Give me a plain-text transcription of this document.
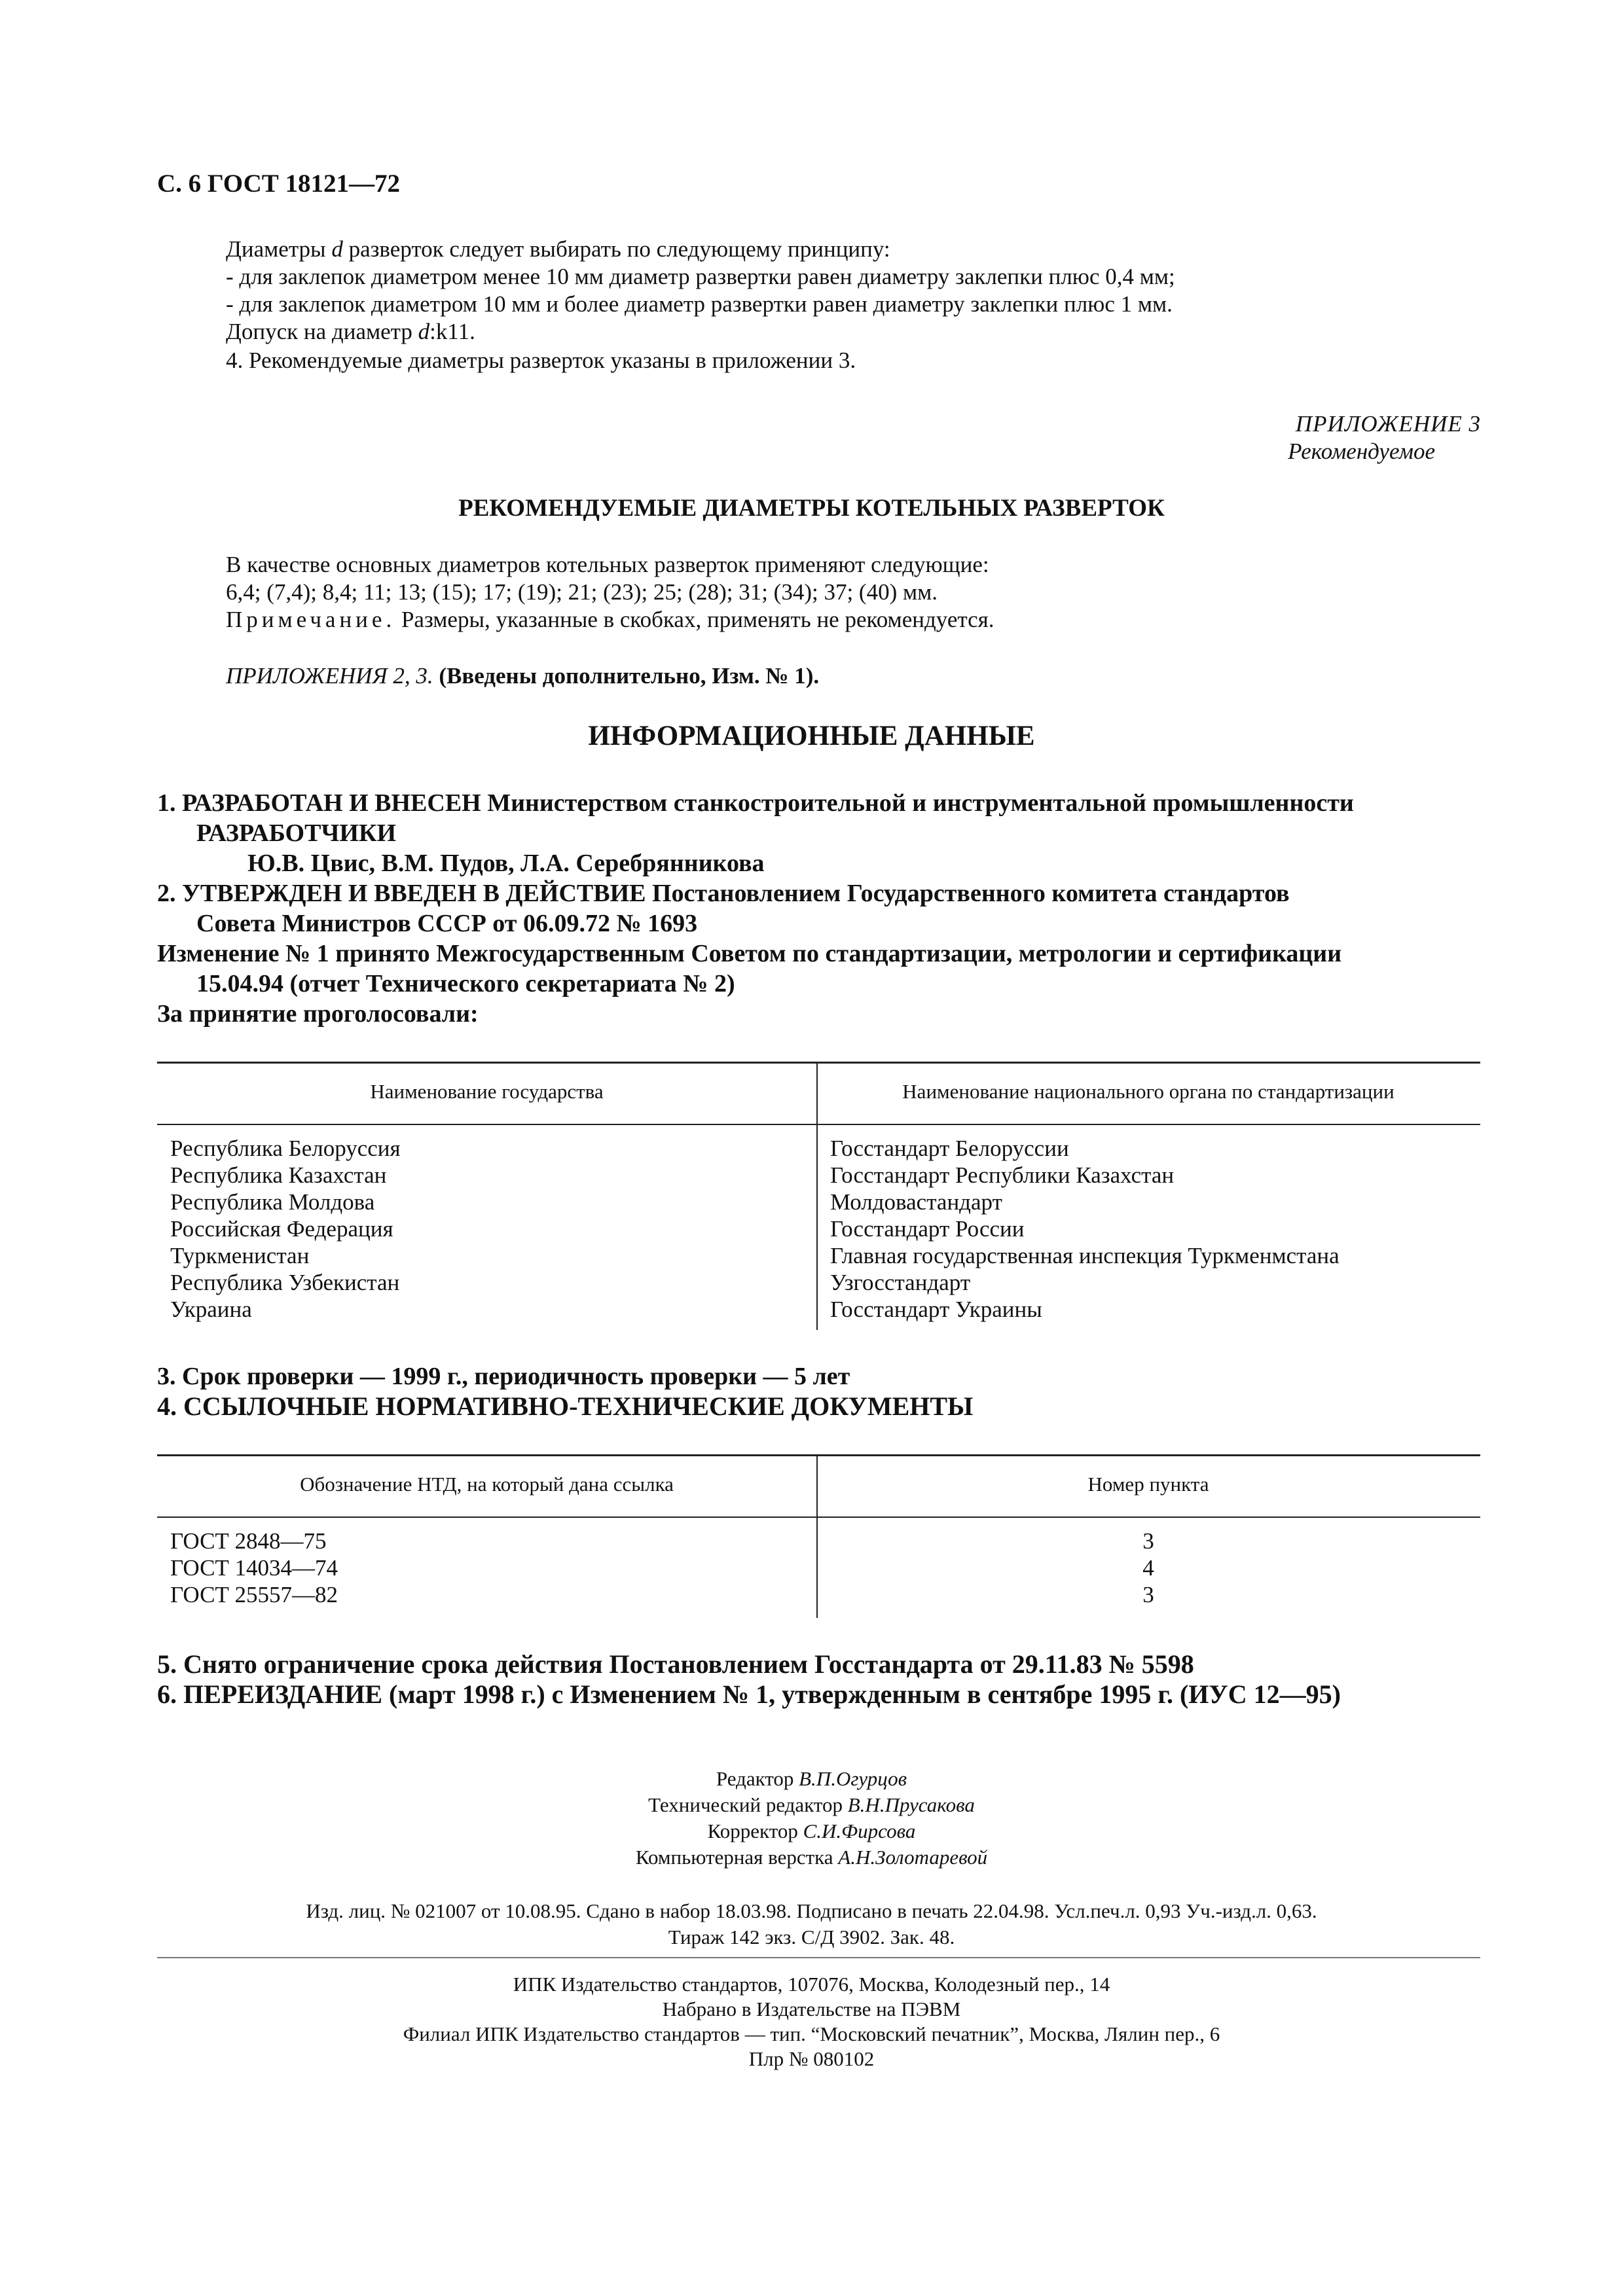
С. 6 ГОСТ 18121—72
Диаметры d разверток следует выбирать по следующему принципу:
- для заклепок диаметром менее 10 мм диаметр развертки равен диаметру заклепки плюс 0,4 мм;
- для заклепок диаметром 10 мм и более диаметр развертки равен диаметру заклепки плюс 1 мм.
Допуск на диаметр d:k11.
4. Рекомендуемые диаметры разверток указаны в приложении 3.
ПРИЛОЖЕНИЕ 3
Рекомендуемое
РЕКОМЕНДУЕМЫЕ ДИАМЕТРЫ КОТЕЛЬНЫХ РАЗВЕРТОК
В качестве основных диаметров котельных разверток применяют следующие:
6,4; (7,4); 8,4; 11; 13; (15); 17; (19); 21; (23); 25; (28); 31; (34); 37; (40) мм.
Примечание. Размеры, указанные в скобках, применять не рекомендуется.
ПРИЛОЖЕНИЯ 2, 3. (Введены дополнительно, Изм. № 1).
ИНФОРМАЦИОННЫЕ ДАННЫЕ
1. РАЗРАБОТАН И ВНЕСЕН Министерством станкостроительной и инструментальной промышленности
РАЗРАБОТЧИКИ
Ю.В. Цвис, В.М. Пудов, Л.А. Серебрянникова
2. УТВЕРЖДЕН И ВВЕДЕН В ДЕЙСТВИЕ Постановлением Государственного комитета стандартов
Совета Министров СССР от 06.09.72 № 1693
Изменение № 1 принято Межгосударственным Советом по стандартизации, метрологии и сертификации
15.04.94 (отчет Технического секретариата № 2)
За принятие проголосовали:
Наименование государства	Наименование национального органа по стандартизации
Республика Белоруссия
Республика Казахстан
Республика Молдова
Российская Федерация
Туркменистан
Республика Узбекистан
Украина
Госстандарт Белоруссии
Госстандарт Республики Казахстан
Молдовастандарт
Госстандарт России
Главная государственная инспекция Туркменмстана
Узгосстандарт
Госстандарт Украины
3. Срок проверки — 1999 г., периодичность проверки — 5 лет
4. ССЫЛОЧНЫЕ НОРМАТИВНО-ТЕХНИЧЕСКИЕ ДОКУМЕНТЫ
Обозначение НТД, на который дана ссылка	Номер пункта
ГОСТ 2848—75
ГОСТ 14034—74
ГОСТ 25557—82
3
4
3
5. Снято ограничение срока действия Постановлением Госстандарта от 29.11.83 № 5598
6. ПЕРЕИЗДАНИЕ (март 1998 г.) с Изменением № 1, утвержденным в сентябре 1995 г. (ИУС 12—95)
Редактор В.П.Огурцов
Технический редактор В.Н.Прусакова
Корректор С.И.Фирсова
Компьютерная верстка А.Н.Золотаревой
Изд. лиц. № 021007 от 10.08.95. Сдано в набор 18.03.98. Подписано в печать 22.04.98. Усл.печ.л. 0,93 Уч.-изд.л. 0,63.
Тираж 142 экз. С/Д 3902. Зак. 48.
ИПК Издательство стандартов, 107076, Москва, Колодезный пер., 14
Набрано в Издательстве на ПЭВМ
Филиал ИПК Издательство стандартов — тип. “Московский печатник”, Москва, Лялин пер., 6
Плр № 080102
